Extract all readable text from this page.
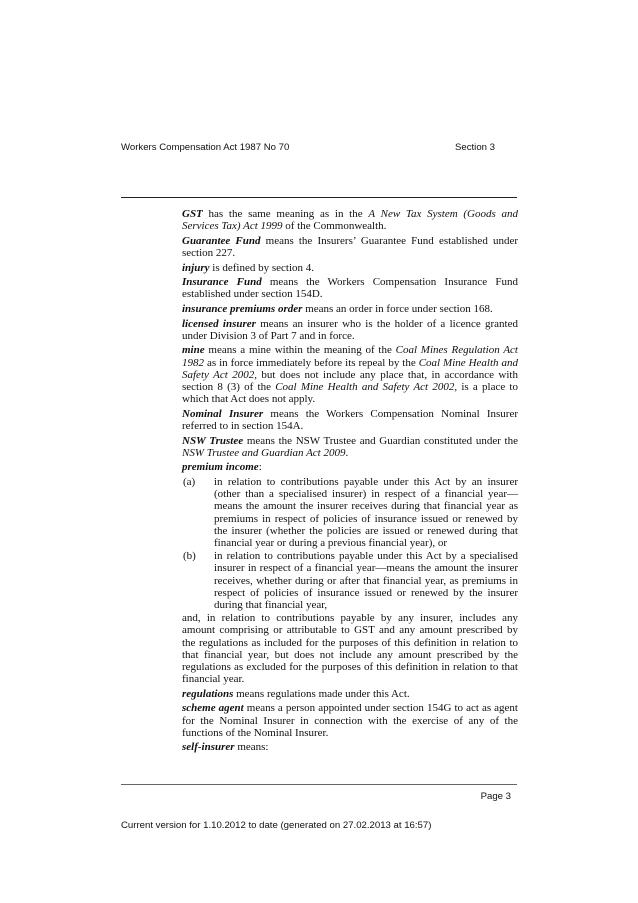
Workers Compensation Act 1987 No 70	Section 3

GST has the same meaning as in the A New Tax System (Goods and Services Tax) Act 1999 of the Commonwealth.

Guarantee Fund means the Insurers’ Guarantee Fund established under section 227.

injury is defined by section 4.

Insurance Fund means the Workers Compensation Insurance Fund established under section 154D.

insurance premiums order means an order in force under section 168.

licensed insurer means an insurer who is the holder of a licence granted under Division 3 of Part 7 and in force.

mine means a mine within the meaning of the Coal Mines Regulation Act 1982 as in force immediately before its repeal by the Coal Mine Health and Safety Act 2002, but does not include any place that, in accordance with section 8 (3) of the Coal Mine Health and Safety Act 2002, is a place to which that Act does not apply.

Nominal Insurer means the Workers Compensation Nominal Insurer referred to in section 154A.

NSW Trustee means the NSW Trustee and Guardian constituted under the NSW Trustee and Guardian Act 2009.

premium income:

(a) in relation to contributions payable under this Act by an insurer (other than a specialised insurer) in respect of a financial year—means the amount the insurer receives during that financial year as premiums in respect of policies of insurance issued or renewed by the insurer (whether the policies are issued or renewed during that financial year or during a previous financial year), or
(b) in relation to contributions payable under this Act by a specialised insurer in respect of a financial year—means the amount the insurer receives, whether during or after that financial year, as premiums in respect of policies of insurance issued or renewed by the insurer during that financial year,

and, in relation to contributions payable by any insurer, includes any amount comprising or attributable to GST and any amount prescribed by the regulations as included for the purposes of this definition in relation to that financial year, but does not include any amount prescribed by the regulations as excluded for the purposes of this definition in relation to that financial year.

regulations means regulations made under this Act.

scheme agent means a person appointed under section 154G to act as agent for the Nominal Insurer in connection with the exercise of any of the functions of the Nominal Insurer.

self-insurer means:

Page 3
Current version for 1.10.2012 to date (generated on 27.02.2013 at 16:57)
